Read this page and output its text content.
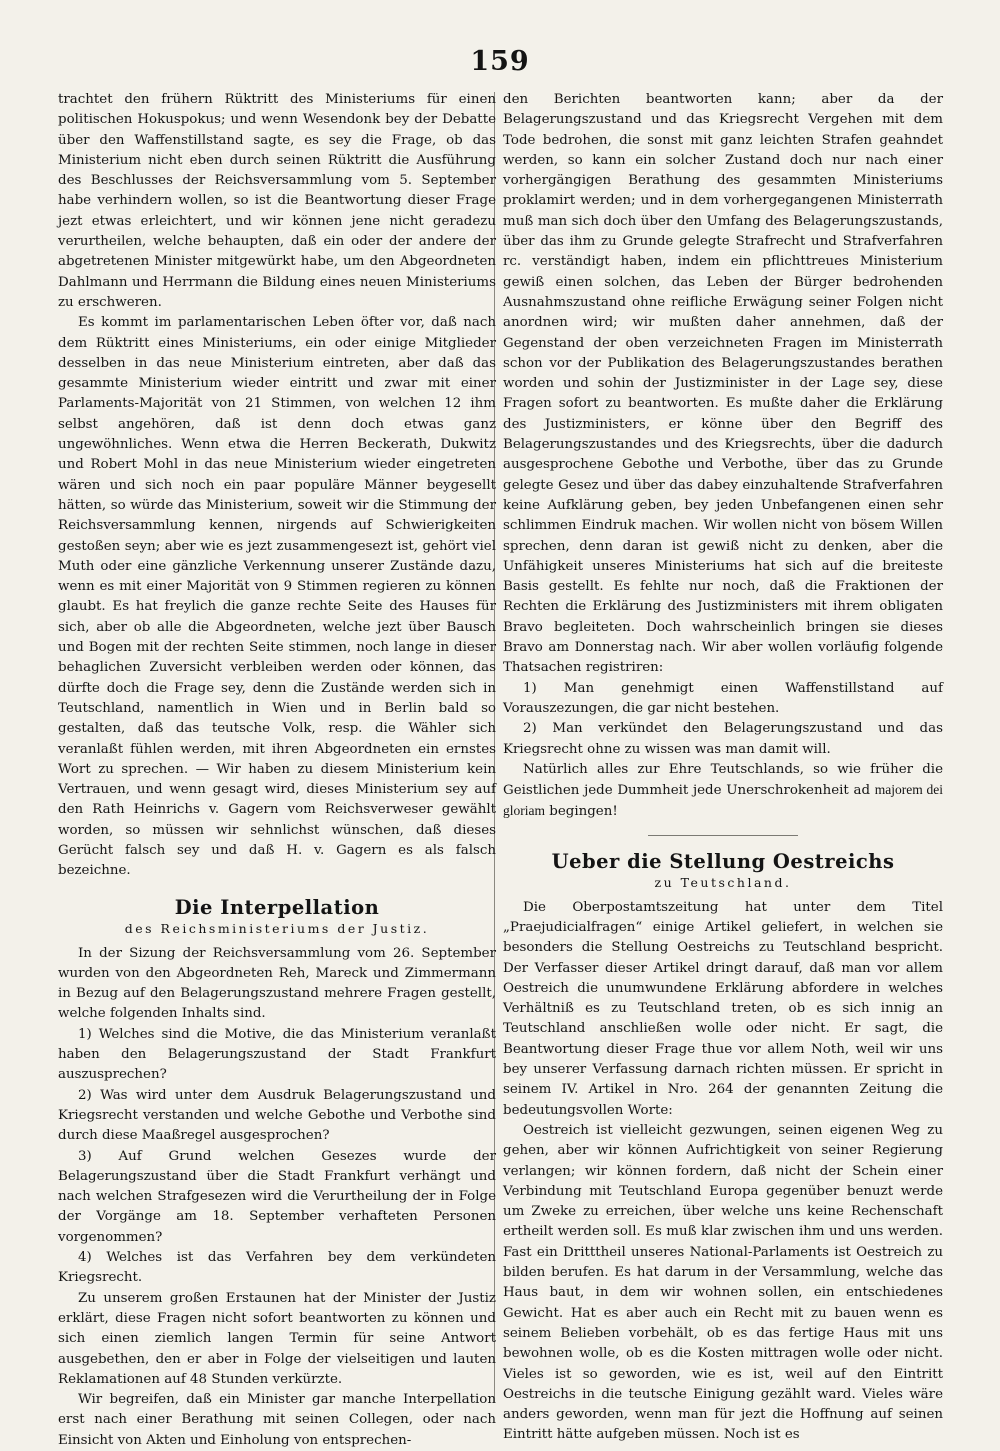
159

trachtet den frühern Rüktritt des Ministeriums für einen politischen Hokuspokus; und wenn Wesendonk bey der Debatte über den Waffenstillstand sagte, es sey die Frage, ob das Ministerium nicht eben durch seinen Rüktritt die Ausführung des Beschlusses der Reichsversammlung vom 5. September habe verhindern wollen, so ist die Beantwortung dieser Frage jezt etwas erleichtert, und wir können jene nicht geradezu verurtheilen, welche behaupten, daß ein oder der andere der abgetretenen Minister mitgewürkt habe, um den Abgeordneten Dahlmann und Herrmann die Bildung eines neuen Ministeriums zu erschweren.

Es kommt im parlamentarischen Leben öfter vor, daß nach dem Rüktritt eines Ministeriums, ein oder einige Mitglieder desselben in das neue Ministerium eintreten, aber daß das gesammte Ministerium wieder eintritt und zwar mit einer Parlaments-Majorität von 21 Stimmen, von welchen 12 ihm selbst angehören, daß ist denn doch etwas ganz ungewöhnliches. Wenn etwa die Herren Beckerath, Dukwitz und Robert Mohl in das neue Ministerium wieder eingetreten wären und sich noch ein paar populäre Männer beygesellt hätten, so würde das Ministerium, soweit wir die Stimmung der Reichsversammlung kennen, nirgends auf Schwierigkeiten gestoßen seyn; aber wie es jezt zusammengesezt ist, gehört viel Muth oder eine gänzliche Verkennung unserer Zustände dazu, wenn es mit einer Majorität von 9 Stimmen regieren zu können glaubt. Es hat freylich die ganze rechte Seite des Hauses für sich, aber ob alle die Abgeordneten, welche jezt über Bausch und Bogen mit der rechten Seite stimmen, noch lange in dieser behaglichen Zuversicht verbleiben werden oder können, das dürfte doch die Frage sey, denn die Zustände werden sich in Teutschland, namentlich in Wien und in Berlin bald so gestalten, daß das teutsche Volk, resp. die Wähler sich veranlaßt fühlen werden, mit ihren Abgeordneten ein ernstes Wort zu sprechen. — Wir haben zu diesem Ministerium kein Vertrauen, und wenn gesagt wird, dieses Ministerium sey auf den Rath Heinrichs v. Gagern vom Reichsverweser gewählt worden, so müssen wir sehnlichst wünschen, daß dieses Gerücht falsch sey und daß H. v. Gagern es als falsch bezeichne.

Die Interpellation
des Reichsministeriums der Justiz.

In der Sizung der Reichsversammlung vom 26. September wurden von den Abgeordneten Reh, Mareck und Zimmermann in Bezug auf den Belagerungszustand mehrere Fragen gestellt, welche folgenden Inhalts sind.

1) Welches sind die Motive, die das Ministerium veranlaßt haben den Belagerungszustand der Stadt Frankfurt auszusprechen?

2) Was wird unter dem Ausdruk Belagerungszustand und Kriegsrecht verstanden und welche Gebothe und Verbothe sind durch diese Maaßregel ausgesprochen?

3) Auf Grund welchen Gesezes wurde der Belagerungszustand über die Stadt Frankfurt verhängt und nach welchen Strafgesezen wird die Verurtheilung der in Folge der Vorgänge am 18. September verhafteten Personen vorgenommen?

4) Welches ist das Verfahren bey dem verkündeten Kriegsrecht.

Zu unserem großen Erstaunen hat der Minister der Justiz erklärt, diese Fragen nicht sofort beantworten zu können und sich einen ziemlich langen Termin für seine Antwort ausgebethen, den er aber in Folge der vielseitigen und lauten Reklamationen auf 48 Stunden verkürzte.

Wir begreifen, daß ein Minister gar manche Interpellation erst nach einer Berathung mit seinen Collegen, oder nach Einsicht von Akten und Einholung von entsprechen-

den Berichten beantworten kann; aber da der Belagerungszustand und das Kriegsrecht Vergehen mit dem Tode bedrohen, die sonst mit ganz leichten Strafen geahndet werden, so kann ein solcher Zustand doch nur nach einer vorhergängigen Berathung des gesammten Ministeriums proklamirt werden; und in dem vorhergegangenen Ministerrath muß man sich doch über den Umfang des Belagerungszustands, über das ihm zu Grunde gelegte Strafrecht und Strafverfahren rc. verständigt haben, indem ein pflichttreues Ministerium gewiß einen solchen, das Leben der Bürger bedrohenden Ausnahmszustand ohne reifliche Erwägung seiner Folgen nicht anordnen wird; wir mußten daher annehmen, daß der Gegenstand der oben verzeichneten Fragen im Ministerrath schon vor der Publikation des Belagerungszustandes berathen worden und sohin der Justizminister in der Lage sey, diese Fragen sofort zu beantworten. Es mußte daher die Erklärung des Justizministers, er könne über den Begriff des Belagerungszustandes und des Kriegsrechts, über die dadurch ausgesprochene Gebothe und Verbothe, über das zu Grunde gelegte Gesez und über das dabey einzuhaltende Strafverfahren keine Aufklärung geben, bey jeden Unbefangenen einen sehr schlimmen Eindruk machen. Wir wollen nicht von bösem Willen sprechen, denn daran ist gewiß nicht zu denken, aber die Unfähigkeit unseres Ministeriums hat sich auf die breiteste Basis gestellt. Es fehlte nur noch, daß die Fraktionen der Rechten die Erklärung des Justizministers mit ihrem obligaten Bravo begleiteten. Doch wahrscheinlich bringen sie dieses Bravo am Donnerstag nach. Wir aber wollen vorläufig folgende Thatsachen registriren:

1) Man genehmigt einen Waffenstillstand auf Vorauszezungen, die gar nicht bestehen.

2) Man verkündet den Belagerungszustand und das Kriegsrecht ohne zu wissen was man damit will.

Natürlich alles zur Ehre Teutschlands, so wie früher die Geistlichen jede Dummheit jede Unerschrokenheit ad majorem dei gloriam begingen!

Ueber die Stellung Oestreichs
zu Teutschland.

Die Oberpostamtszeitung hat unter dem Titel „Praejudicialfragen“ einige Artikel geliefert, in welchen sie besonders die Stellung Oestreichs zu Teutschland bespricht. Der Verfasser dieser Artikel dringt darauf, daß man vor allem Oestreich die unumwundene Erklärung abfordere in welches Verhältniß es zu Teutschland treten, ob es sich innig an Teutschland anschließen wolle oder nicht. Er sagt, die Beantwortung dieser Frage thue vor allem Noth, weil wir uns bey unserer Verfassung darnach richten müssen. Er spricht in seinem IV. Artikel in Nro. 264 der genannten Zeitung die bedeutungsvollen Worte:

Oestreich ist vielleicht gezwungen, seinen eigenen Weg zu gehen, aber wir können Aufrichtigkeit von seiner Regierung verlangen; wir können fordern, daß nicht der Schein einer Verbindung mit Teutschland Europa gegenüber benuzt werde um Zweke zu erreichen, über welche uns keine Rechenschaft ertheilt werden soll. Es muß klar zwischen ihm und uns werden. Fast ein Dritttheil unseres National-Parlaments ist Oestreich zu bilden berufen. Es hat darum in der Versammlung, welche das Haus baut, in dem wir wohnen sollen, ein entschiedenes Gewicht. Hat es aber auch ein Recht mit zu bauen wenn es seinem Belieben vorbehält, ob es das fertige Haus mit uns bewohnen wolle, ob es die Kosten mittragen wolle oder nicht. Vieles ist so geworden, wie es ist, weil auf den Eintritt Oestreichs in die teutsche Einigung gezählt ward. Vieles wäre anders geworden, wenn man für jezt die Hoffnung auf seinen Eintritt hätte aufgeben müssen. Noch ist es
